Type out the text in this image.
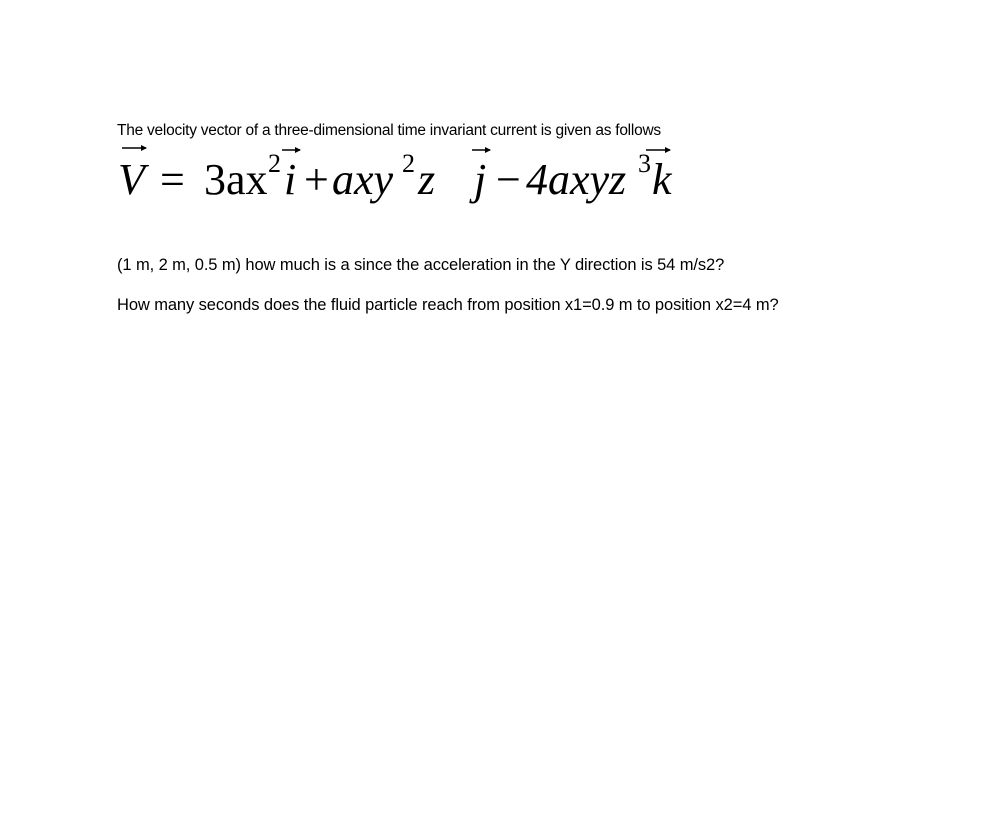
The velocity vector of a three-dimensional time invariant current is given as follows
V = 3ax 2 i + axy 2 z j − 4axyz 3 k
(1 m, 2 m, 0.5 m) how much is a since the acceleration in the Y direction is 54 m/s2?
How many seconds does the fluid particle reach from position x1=0.9 m to position x2=4 m?
